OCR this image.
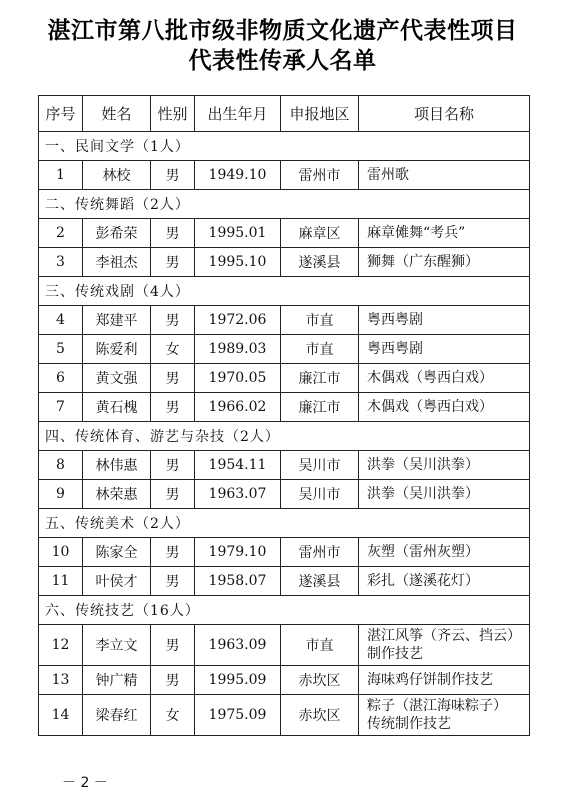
湛江市第八批市级非物质文化遗产代表性项目
代表性传承人名单
序号	姓名	性别	出生年月	申报地区	项目名称
一、民间文学（1人）					
1	林校	男	1949.10	雷州市	雷州歌

二、传统舞蹈（2人）					
2	彭希荣	男	1995.01	麻章区	麻章傩舞“考兵”

3	李祖杰	男	1995.10	遂溪县	狮舞（广东醒狮）

三、传统戏剧（4人）					
4	郑建平	男	1972.06	市直	粤西粤剧

5	陈爱利	女	1989.03	市直	粤西粤剧

6	黄文强	男	1970.05	廉江市	木偶戏（粤西白戏）

7	黄石槐	男	1966.02	廉江市	木偶戏（粤西白戏）

四、传统体育、游艺与杂技（2人）					
8	林伟惠	男	1954.11	吴川市	洪拳（吴川洪拳）

9	林荣惠	男	1963.07	吴川市	洪拳（吴川洪拳）

五、传统美术（2人）					
10	陈家全	男	1979.10	雷州市	灰塑（雷州灰塑）

11	叶侯才	男	1958.07	遂溪县	彩扎（遂溪花灯）

六、传统技艺（16人）					
12	李立文	男	1963.09	市直	湛江风筝（齐云、挡云）
制作技艺

13	钟广精	男	1995.09	赤坎区	海味鸡仔饼制作技艺

14	梁春红	女	1975.09	赤坎区	粽子（湛江海味粽子）
传统制作技艺
－ 2 －
